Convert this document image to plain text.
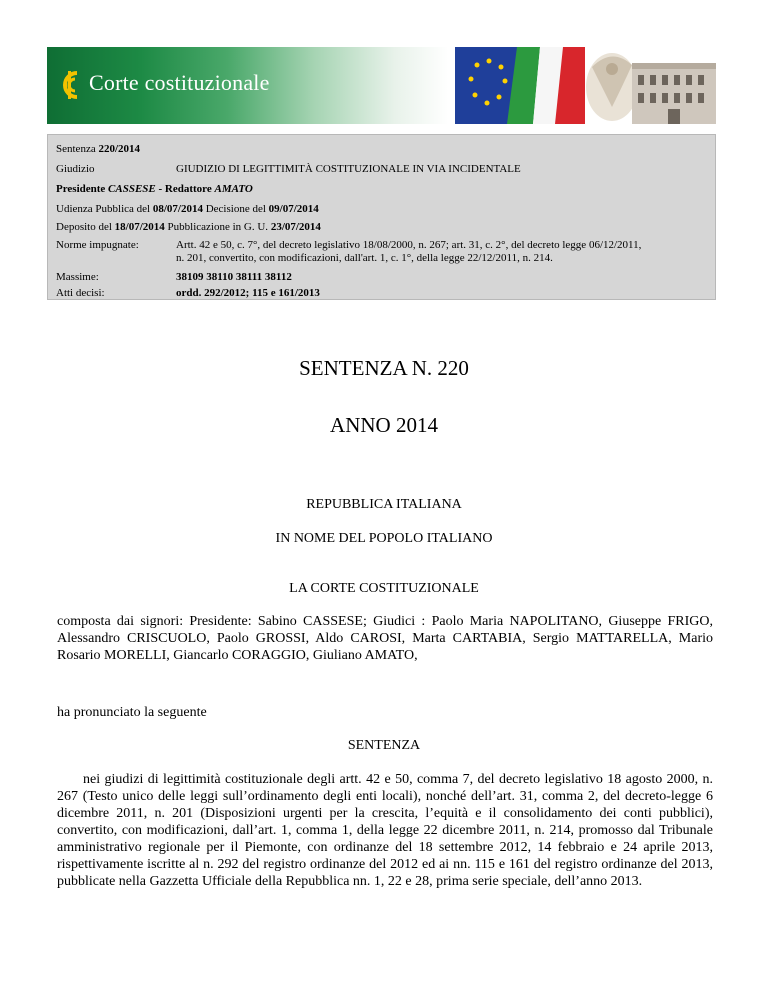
Corte costituzionale
Sentenza 220/2014
Giudizio	GIUDIZIO DI LEGITTIMITÀ COSTITUZIONALE IN VIA INCIDENTALE
Presidente CASSESE - Redattore AMATO
Udienza Pubblica del 08/07/2014 Decisione del 09/07/2014
Deposito del 18/07/2014 Pubblicazione in G. U. 23/07/2014
Norme impugnate:	Artt. 42 e 50, c. 7°, del decreto legislativo 18/08/2000, n. 267; art. 31, c. 2°, del decreto legge 06/12/2011,
n. 201, convertito, con modificazioni, dall'art. 1, c. 1°, della legge 22/12/2011, n. 214.
Massime:	38109 38110 38111 38112
Atti decisi:	ordd. 292/2012; 115 e 161/2013
SENTENZA N. 220
ANNO 2014
REPUBBLICA ITALIANA
IN NOME DEL POPOLO ITALIANO
LA CORTE COSTITUZIONALE
composta dai signori: Presidente: Sabino CASSESE; Giudici : Paolo Maria NAPOLITANO, Giuseppe FRIGO, Alessandro CRISCUOLO, Paolo GROSSI, Aldo CAROSI, Marta CARTABIA, Sergio MATTARELLA, Mario Rosario MORELLI, Giancarlo CORAGGIO, Giuliano AMATO,
ha pronunciato la seguente
SENTENZA
nei giudizi di legittimità costituzionale degli artt. 42 e 50, comma 7, del decreto legislativo 18 agosto 2000, n. 267 (Testo unico delle leggi sull’ordinamento degli enti locali), nonché dell’art. 31, comma 2, del decreto-legge 6 dicembre 2011, n. 201 (Disposizioni urgenti per la crescita, l’equità e il consolidamento dei conti pubblici), convertito, con modificazioni, dall’art. 1, comma 1, della legge 22 dicembre 2011, n. 214, promosso dal Tribunale amministrativo regionale per il Piemonte, con ordinanze del 18 settembre 2012, 14 febbraio e 24 aprile 2013, rispettivamente iscritte al n. 292 del registro ordinanze del 2012 ed ai nn. 115 e 161 del registro ordinanze del 2013, pubblicate nella Gazzetta Ufficiale della Repubblica nn. 1, 22 e 28, prima serie speciale, dell’anno 2013.
